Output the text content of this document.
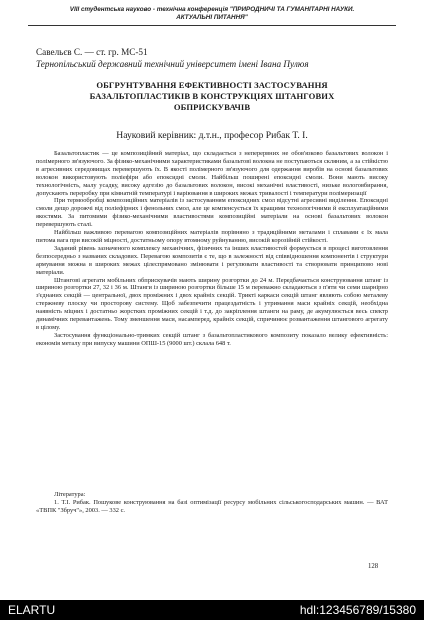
VIII студентська науково - технічна конференція "ПРИРОДНИЧІ ТА ГУМАНІТАРНІ НАУКИ.
АКТУАЛЬНІ ПИТАННЯ"
Савельєв С. — ст. гр. МС-51
Тернопільський державний технічний університет імені Івана Пулюя
ОБГРУНТУВАННЯ ЕФЕКТИВНОСТІ ЗАСТОСУВАННЯ
БАЗАЛЬТОПЛАСТИКІВ В КОНСТРУКЦІЯХ ШТАНГОВИХ
ОБПРИСКУВАЧІВ
Науковий керівник: д.т.н., професор Рибак Т. І.

Базальтопластик — це композиційний матеріал, що складається з неперервних не обов'язково базальтових волокон і полімерного зв'язуючого. За фізико-механічними характеристиками базальтові волокна не поступаються скляним, а за стійкістю в агресивних середовищах перевершують їх. В якості полімерного зв'язуючого для одержання виробів на основі базальтових волокон використовують поліефіри або епоксидні смоли. Найбільш поширені епоксидні смоли. Вони мають високу технологічність, малу усадку, високу адгезію до базальтових волокон, високі механічні властивості, низьке вологовбирання, допускають переробку при кімнатній температурі і варіювання в широких межах тривалості і температури полімеризації

При термообробці композиційних матеріалів із застосуванням епоксидних смол відсутні агресивні виділення. Епоксидні смоли дещо дорожчі від поліефірних і фенольних смол, але це компенсується їх кращими технологічними й експлуатаційними якостями. За питомими фізико-механічними властивостями композиційні матеріали на основі базальтових волокон перевершують сталі.

Найбільш важливою перевагою композиційних матеріалів порівняно з традиційними металами і сплавами є їх мала питома вага при високій міцності, достатньому опору втомному руйнуванню, високій корозійній стійкості.

Заданий рівень зазначеного комплексу механічних, фізичних та інших властивостей формується в процесі виготовлення безпосередньо з названих складових. Перевагою композитів є те, що в залежності від співвідношення компонентів і структури армування можна в широких межах цілеспрямовано змінювати і регулювати властивості та створювати принципово нові матеріали.

Штангові агрегати мобільних обприскувачів мають ширину розгортки до 24 м. Передбачається конструювання штанг із шириною розгортки 27, 32 і 36 м. Штанги із шириною розгортки більше 15 м переважно складаються з п'яти чи семи шарнірно з'єднаних секцій — центральної, двох проміжних і двох крайніх секцій. Трикті каркаси секцій штанг являють собою металеву стержневу плоску чи просторову систему. Щоб забезпечити працездатність і утримання маси крайніх секцій, необхідна наявність міцних і достатньо жорстких проміжних секцій і т.д. до закріплення штанги на раму, де акумулюється весь спектр динамічних перевантажень. Тому зменшення маси, насамперед, крайніх секцій, спричинює розвантаження штангового агрегату в цілому.

Застосування функціонально-тримких секцій штанг з базальтопластикового композиту показало велику ефективність: економія металу при випуску машини ОПШ-15 (9000 шт.) склала 648 т.

Література:
1. Т.І. Рибак. Пошукове конструювання на базі оптимізації ресурсу мобільних сільськогосподарських машин. — ВАТ «ТВПК "Збруч"», 2003. — 332 с.
128
ELARTU	hdl:123456789/15380
